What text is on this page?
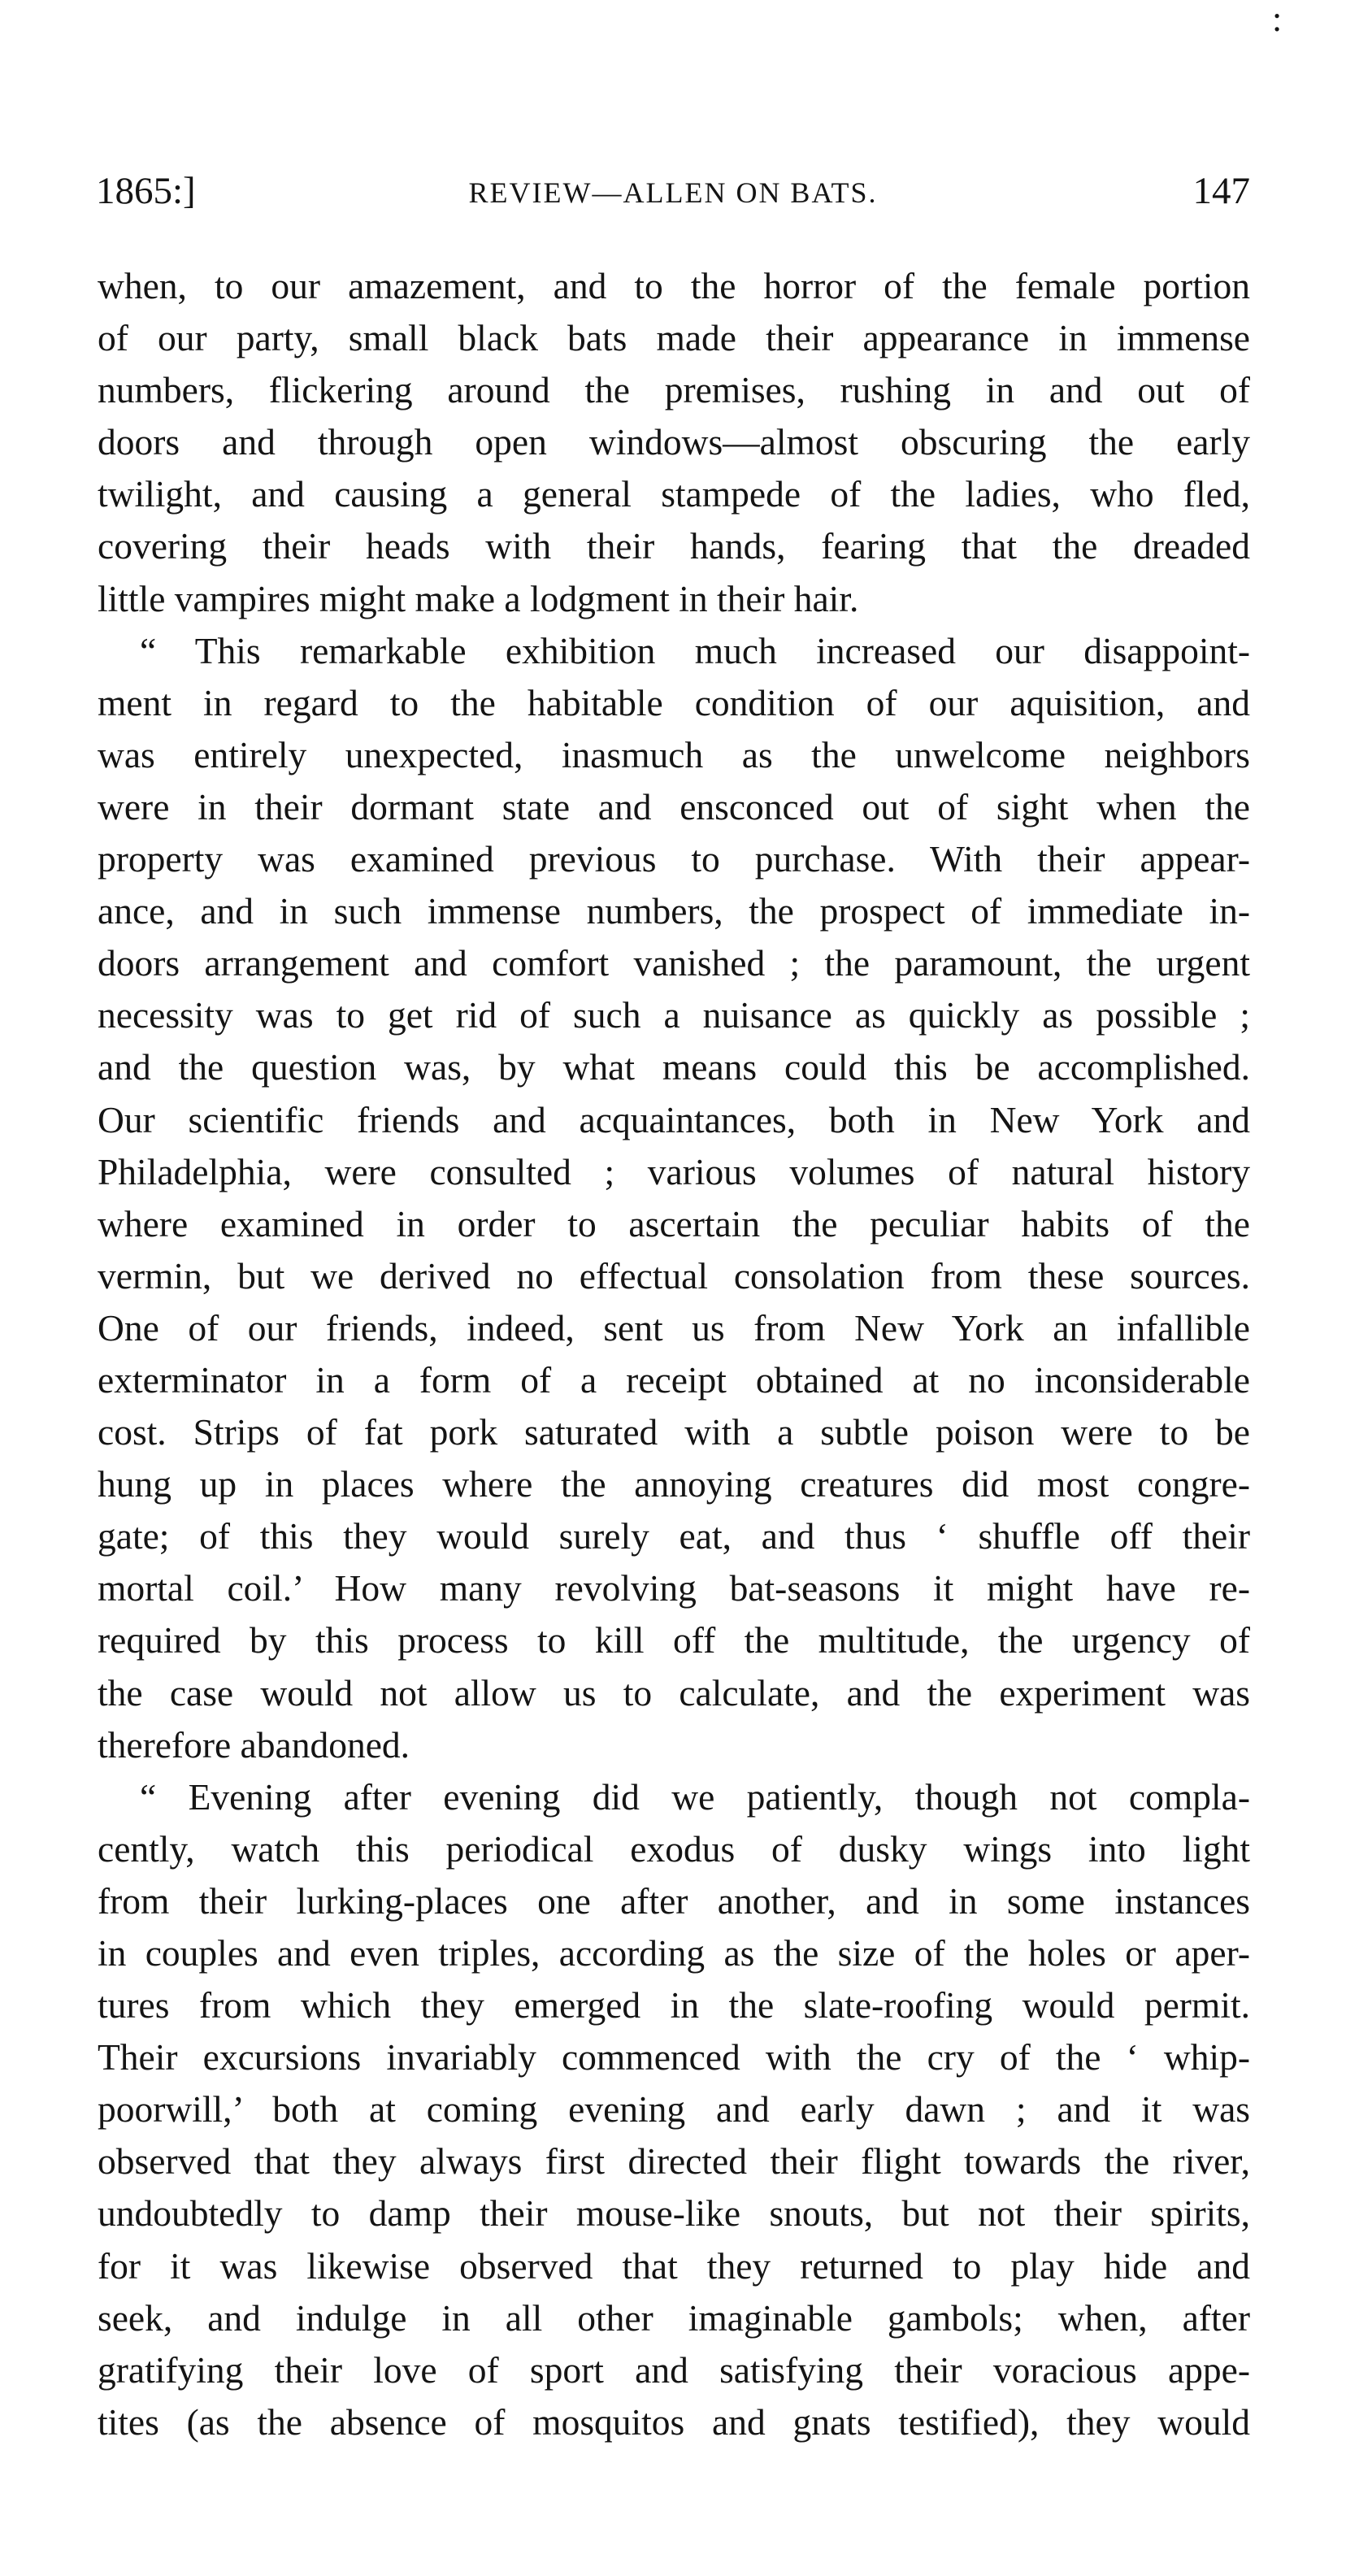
:
1865:]	REVIEW—ALLEN ON BATS.	147
when, to our amazement, and to the horror of the female portion
of our party, small black bats made their appearance in immense
numbers, flickering around the premises, rushing in and out of
doors and through open windows—almost obscuring the early
twilight, and causing a general stampede of the ladies, who fled,
covering their heads with their hands, fearing that the dreaded
little vampires might make a lodgment in their hair.
“ This remarkable exhibition much increased our disappoint-
ment in regard to the habitable condition of our aquisition, and
was entirely unexpected, inasmuch as the unwelcome neighbors
were in their dormant state and ensconced out of sight when the
property was examined previous to purchase. With their appear-
ance, and in such immense numbers, the prospect of immediate in-
doors arrangement and comfort vanished ; the paramount, the urgent
necessity was to get rid of such a nuisance as quickly as possible ;
and the question was, by what means could this be accomplished.
Our scientific friends and acquaintances, both in New York and
Philadelphia, were consulted ; various volumes of natural history
where examined in order to ascertain the peculiar habits of the
vermin, but we derived no effectual consolation from these sources.
One of our friends, indeed, sent us from New York an infallible
exterminator in a form of a receipt obtained at no inconsiderable
cost. Strips of fat pork saturated with a subtle poison were to be
hung up in places where the annoying creatures did most congre-
gate; of this they would surely eat, and thus ‘ shuffle off their
mortal coil.’ How many revolving bat-seasons it might have re-
required by this process to kill off the multitude, the urgency of
the case would not allow us to calculate, and the experiment was
therefore abandoned.
“ Evening after evening did we patiently, though not compla-
cently, watch this periodical exodus of dusky wings into light
from their lurking-places one after another, and in some instances
in couples and even triples, according as the size of the holes or aper-
tures from which they emerged in the slate-roofing would permit.
Their excursions invariably commenced with the cry of the ‘ whip-
poorwill,’ both at coming evening and early dawn ; and it was
observed that they always first directed their flight towards the river,
undoubtedly to damp their mouse-like snouts, but not their spirits,
for it was likewise observed that they returned to play hide and
seek, and indulge in all other imaginable gambols; when, after
gratifying their love of sport and satisfying their voracious appe-
tites (as the absence of mosquitos and gnats testified), they would
